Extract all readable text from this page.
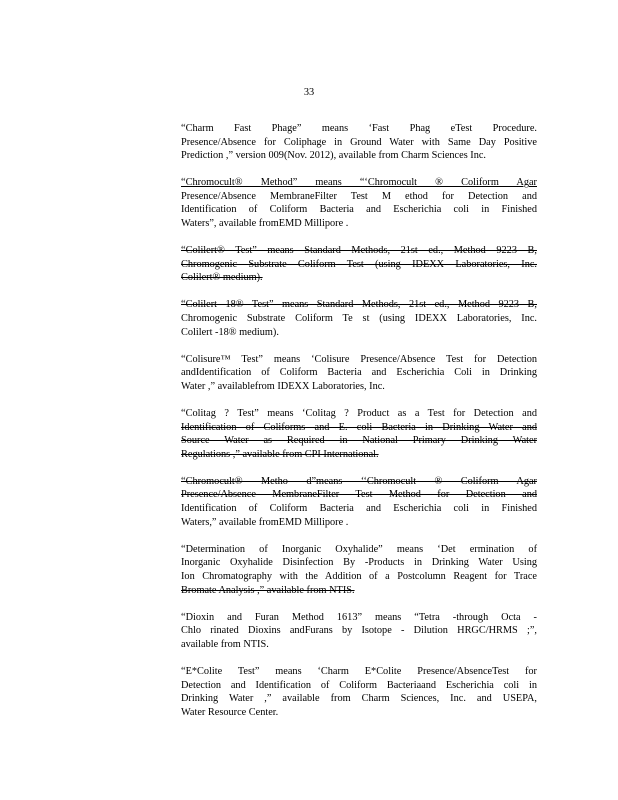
33
“Charm Fast Phage” means ‘Fast Phag eTest Procedure.
Presence/Absence for Coliphage in Ground Water with Same Day Positive
Prediction ,” version 009(Nov. 2012), available from Charm Sciences Inc.
“Chromocult® Method” means “‘Chromocult ® Coliform Agar
Presence/Absence MembraneFilter Test M ethod for Detection and
Identification of Coliform Bacteria and Escherichia coli in Finished
Waters”, available fromEMD Millipore .
“Colilert® Test” means Standard Methods, 21st ed., Method 9223 B,
Chromogenic Substrate Coliform Test (using IDEXX Laboratories, Inc.
Colilert® medium).
“Colilert 18® Test” means Standard Methods, 21st ed., Method 9223 B,
Chromogenic Substrate Coliform Te st (using IDEXX Laboratories, Inc.
Colilert -18® medium).
“Colisure™ Test” means ‘Colisure Presence/Absence Test for Detection
andIdentification of Coliform Bacteria and Escherichia Coli in Drinking
Water ,” availablefrom IDEXX Laboratories, Inc.
“Colitag ? Test” means ‘Colitag ? Product as a Test for Detection and
Identification of Coliforms and E. coli Bacteria in Drinking Water and
Source Water as Required in National Primary Drinking Water
Regulations ,” available from CPI International.
“Chromocult® Metho d”means ‘‘Chromocult ® Coliform Agar
Presence/Absence MembraneFilter Test Method for Detection and
Identification of Coliform Bacteria and Escherichia coli in Finished
Waters,” available fromEMD Millipore .
“Determination of Inorganic Oxyhalide” means ‘Det ermination of
Inorganic Oxyhalide Disinfection By -Products in Drinking Water Using
Ion Chromatography with the Addition of a Postcolumn Reagent for Trace
Bromate Analysis ,” available from NTIS.
“Dioxin and Furan Method 1613” means “Tetra -through Octa -
Chlo rinated Dioxins andFurans by Isotope - Dilution HRGC/HRMS ;”,
available from NTIS.
“E*Colite Test” means ‘Charm E*Colite Presence/AbsenceTest for
Detection and Identification of Coliform Bacteriaand Escherichia coli in
Drinking Water ,” available from Charm Sciences, Inc. and USEPA,
Water Resource Center.
